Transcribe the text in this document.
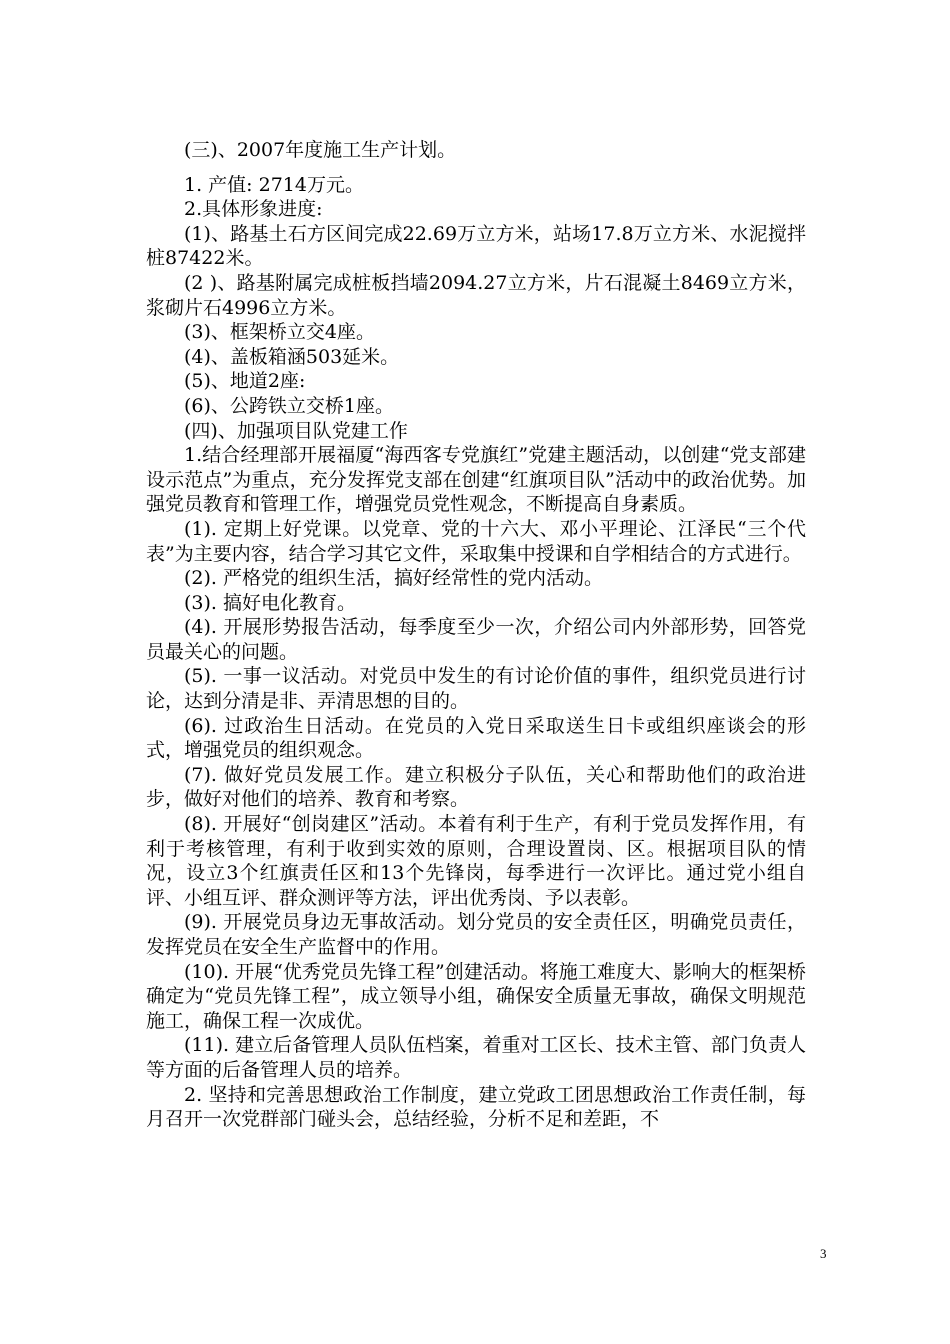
(三)、2007年度施工生产计划。

1. 产值: 2714万元。

2.具体形象进度:

(1)、路基土石方区间完成22.69万立方米，站场17.8万立方米、水泥搅拌桩87422米。

(2 )、路基附属完成桩板挡墙2094.27立方米，片石混凝土8469立方米，浆砌片石4996立方米。

(3)、框架桥立交4座。

(4)、盖板箱涵503延米。

(5)、地道2座:

(6)、公跨铁立交桥1座。

(四)、加强项目队党建工作

1.结合经理部开展福厦“海西客专党旗红”党建主题活动，以创建“党支部建设示范点”为重点，充分发挥党支部在创建“红旗项目队”活动中的政治优势。加强党员教育和管理工作，增强党员党性观念，不断提高自身素质。

(1). 定期上好党课。以党章、党的十六大、邓小平理论、江泽民“三个代表”为主要内容，结合学习其它文件，采取集中授课和自学相结合的方式进行。

(2). 严格党的组织生活，搞好经常性的党内活动。

(3). 搞好电化教育。

(4). 开展形势报告活动，每季度至少一次，介绍公司内外部形势，回答党员最关心的问题。

(5). 一事一议活动。对党员中发生的有讨论价值的事件，组织党员进行讨论，达到分清是非、弄清思想的目的。

(6). 过政治生日活动。在党员的入党日采取送生日卡或组织座谈会的形式，增强党员的组织观念。

(7). 做好党员发展工作。建立积极分子队伍，关心和帮助他们的政治进步，做好对他们的培养、教育和考察。

(8). 开展好“创岗建区”活动。本着有利于生产，有利于党员发挥作用，有利于考核管理，有利于收到实效的原则，合理设置岗、区。根据项目队的情况，设立3个红旗责任区和13个先锋岗，每季进行一次评比。通过党小组自评、小组互评、群众测评等方法，评出优秀岗、予以表彰。

(9). 开展党员身边无事故活动。划分党员的安全责任区，明确党员责任，发挥党员在安全生产监督中的作用。

(10). 开展“优秀党员先锋工程”创建活动。将施工难度大、影响大的框架桥确定为“党员先锋工程”，成立领导小组，确保安全质量无事故，确保文明规范施工，确保工程一次成优。

(11). 建立后备管理人员队伍档案，着重对工区长、技术主管、部门负责人等方面的后备管理人员的培养。

2. 坚持和完善思想政治工作制度，建立党政工团思想政治工作责任制，每月召开一次党群部门碰头会，总结经验，分析不足和差距，不

3
